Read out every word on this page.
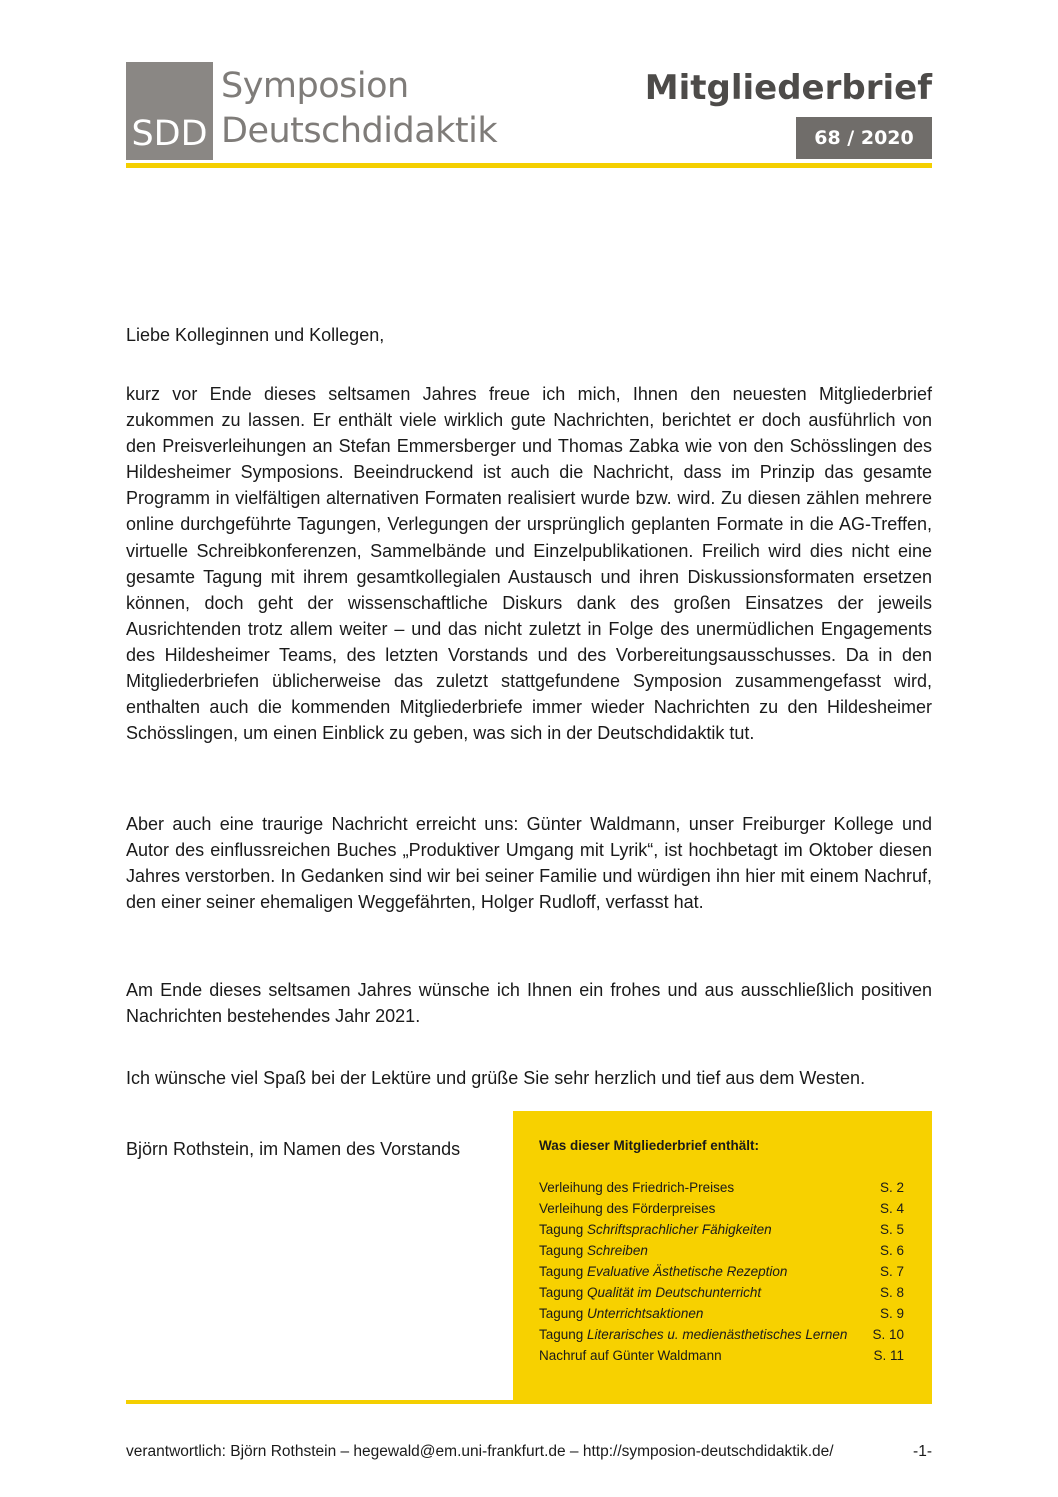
SDD
Symposion
Deutschdidaktik
Mitgliederbrief
68 / 2020
Liebe Kolleginnen und Kollegen,
kurz vor Ende dieses seltsamen Jahres freue ich mich, Ihnen den neuesten Mitgliederbrief zukommen zu lassen. Er enthält viele wirklich gute Nachrichten, berichtet er doch ausführlich von den Preisverleihungen an Stefan Emmersberger und Thomas Zabka wie von den Schösslingen des Hildesheimer Symposions. Beeindruckend ist auch die Nachricht, dass im Prinzip das gesamte Programm in vielfältigen alternativen Formaten realisiert wurde bzw. wird. Zu diesen zählen mehrere online durchgeführte Tagungen, Verlegungen der ursprünglich geplanten Formate in die AG-Treffen, virtuelle Schreibkonferenzen, Sammelbände und Einzelpublikationen. Freilich wird dies nicht eine gesamte Tagung mit ihrem gesamtkollegialen Austausch und ihren Diskussionsformaten ersetzen können, doch geht der wissenschaftliche Diskurs dank des großen Einsatzes der jeweils Ausrichtenden trotz allem weiter – und das nicht zuletzt in Folge des unermüdlichen Engagements des Hildesheimer Teams, des letzten Vorstands und des Vorbereitungsausschusses. Da in den Mitgliederbriefen üblicherweise das zuletzt stattgefundene Symposion zusammengefasst wird, enthalten auch die kommenden Mitgliederbriefe immer wieder Nachrichten zu den Hildesheimer Schösslingen, um einen Einblick zu geben, was sich in der Deutschdidaktik tut.
Aber auch eine traurige Nachricht erreicht uns: Günter Waldmann, unser Freiburger Kollege und Autor des einflussreichen Buches „Produktiver Umgang mit Lyrik“, ist hochbetagt im Oktober diesen Jahres verstorben. In Gedanken sind wir bei seiner Familie und würdigen ihn hier mit einem Nachruf, den einer seiner ehemaligen Weggefährten, Holger Rudloff, verfasst hat.
Am Ende dieses seltsamen Jahres wünsche ich Ihnen ein frohes und aus ausschließlich positiven Nachrichten bestehendes Jahr 2021.
Ich wünsche viel Spaß bei der Lektüre und grüße Sie sehr herzlich und tief aus dem Westen.
Björn Rothstein, im Namen des Vorstands	Was dieser Mitgliederbrief enthält:
Verleihung des Friedrich-Preises	S. 2
Verleihung des Förderpreises	S. 4
Tagung Schriftsprachlicher Fähigkeiten	S. 5
Tagung Schreiben	S. 6
Tagung Evaluative Ästhetische Rezeption	S. 7
Tagung Qualität im Deutschunterricht	S. 8
Tagung Unterrichtsaktionen	S. 9
Tagung Literarisches u. medienästhetisches Lernen S. 10
Nachruf auf Günter Waldmann	S. 11
verantwortlich: Björn Rothstein – hegewald@em.uni-frankfurt.de – http://symposion-deutschdidaktik.de/	-1-
